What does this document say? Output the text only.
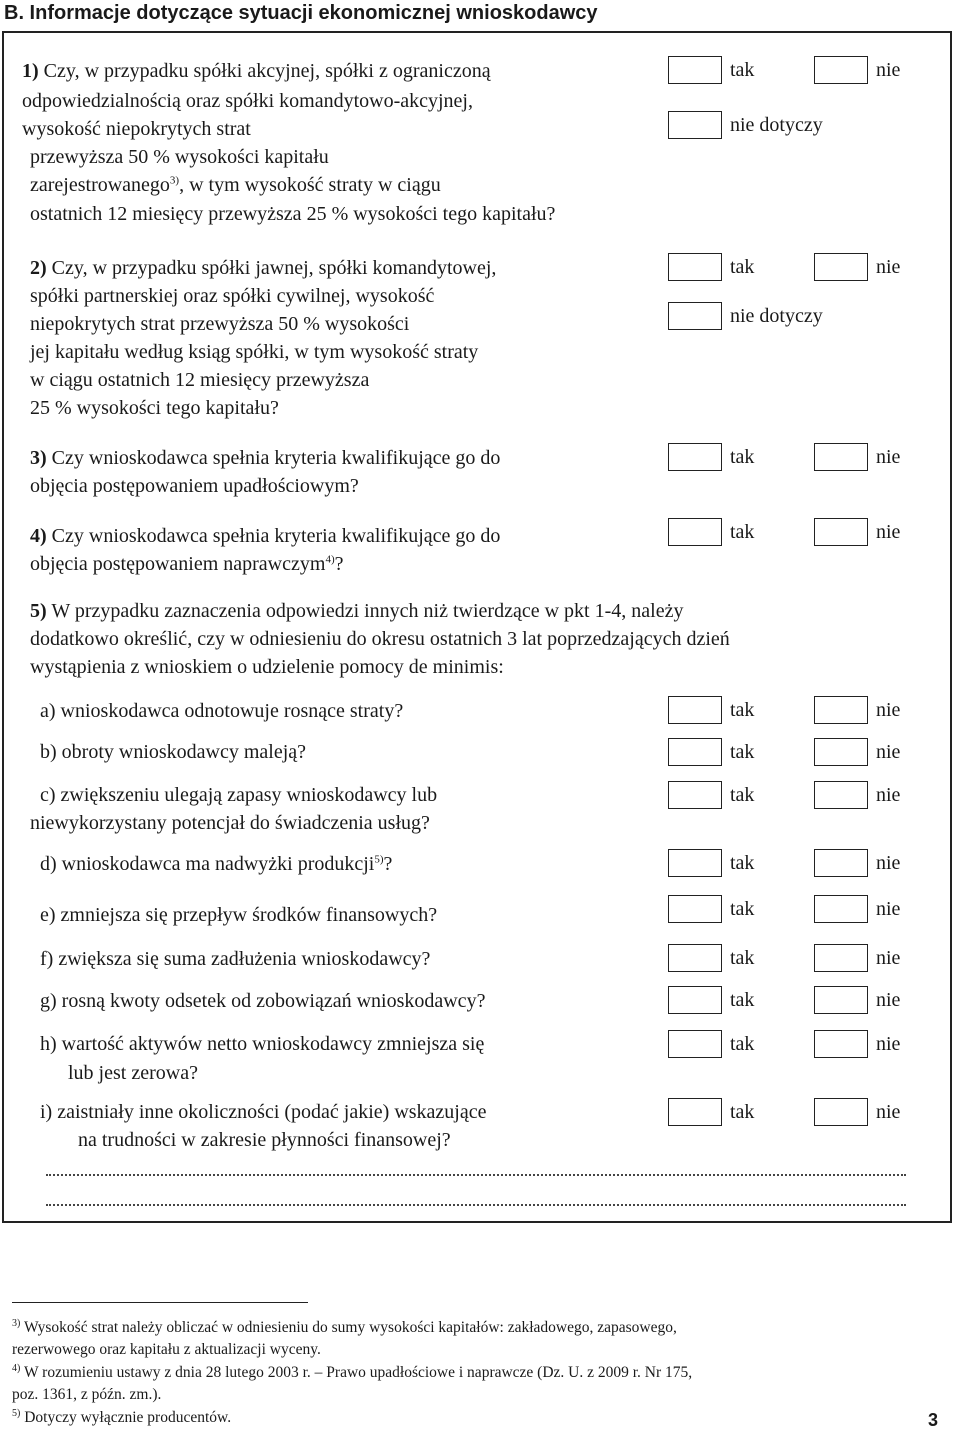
B. Informacje dotyczące sytuacji ekonomicznej wnioskodawcy
1) Czy, w przypadku spółki akcyjnej, spółki z ograniczoną
odpowiedzialnością oraz spółki komandytowo-akcyjnej,
wysokość niepokrytych strat
przewyższa 50 % wysokości kapitału
zarejestrowanego$^{3)}$, w tym wysokość straty w ciągu
ostatnich 12 miesięcy przewyższa 25 % wysokości tego kapitału?
tak	nie
nie dotyczy
2) Czy, w przypadku spółki jawnej, spółki komandytowej,
spółki partnerskiej oraz spółki cywilnej, wysokość
niepokrytych strat przewyższa 50 % wysokości
jej kapitału według ksiąg spółki, w tym wysokość straty
w ciągu ostatnich 12 miesięcy przewyższa
25 % wysokości tego kapitału?
tak	nie
nie dotyczy
3) Czy wnioskodawca spełnia kryteria kwalifikujące go do
objęcia postępowaniem upadłościowym?
tak	nie
4) Czy wnioskodawca spełnia kryteria kwalifikujące go do
objęcia postępowaniem naprawczym$^{4)}$?
tak	nie
5) W przypadku zaznaczenia odpowiedzi innych niż twierdzące w pkt 1-4, należy
dodatkowo określić, czy w odniesieniu do okresu ostatnich 3 lat poprzedzających dzień
wystąpienia z wnioskiem o udzielenie pomocy de minimis:
a) wnioskodawca odnotowuje rosnące straty?	tak	nie
b) obroty wnioskodawcy maleją?	tak	nie
c) zwiększeniu ulegają zapasy wnioskodawcy lub
niewykorzystany potencjał do świadczenia usług?
tak	nie
d) wnioskodawca ma nadwyżki produkcji$^{5)}$?	tak	nie
e) zmniejsza się przepływ środków finansowych?	tak	nie
f) zwiększa się suma zadłużenia wnioskodawcy?	tak	nie
g) rosną kwoty odsetek od zobowiązań wnioskodawcy?	tak	nie
h) wartość aktywów netto wnioskodawcy zmniejsza się
lub jest zerowa?
tak	nie
i) zaistniały inne okoliczności (podać jakie) wskazujące
na trudności w zakresie płynności finansowej?
tak	nie
$^{3)}$ Wysokość strat należy obliczać w odniesieniu do sumy wysokości kapitałów: zakładowego, zapasowego,
rezerwowego oraz kapitału z aktualizacji wyceny.
$^{4)}$ W rozumieniu ustawy z dnia 28 lutego 2003 r. – Prawo upadłościowe i naprawcze (Dz. U. z 2009 r. Nr 175,
poz. 1361, z późn. zm.).
$^{5)}$ Dotyczy wyłącznie producentów.	3
